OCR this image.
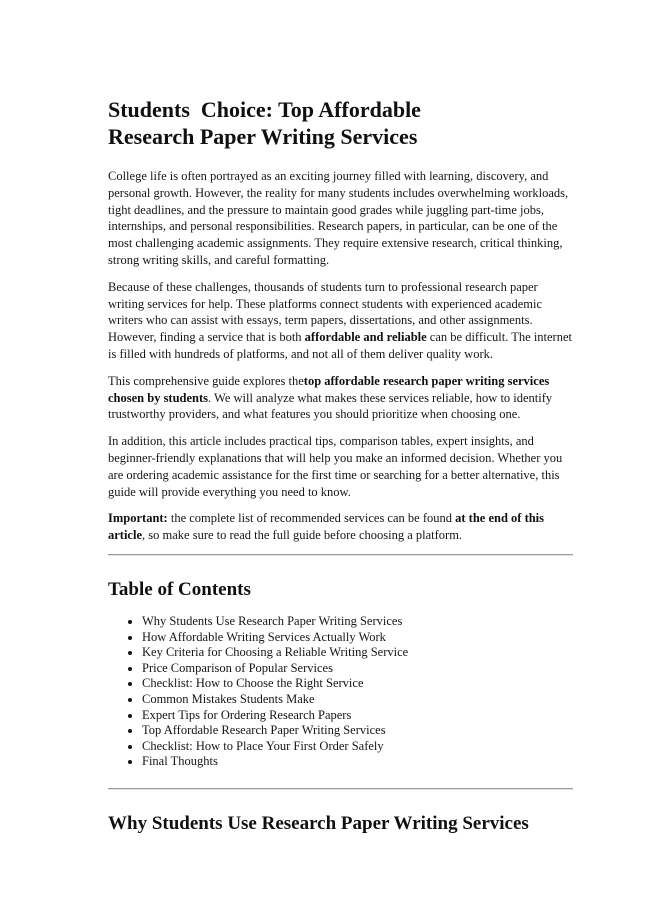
Students  Choice: Top Affordable
Research Paper Writing Services

College life is often portrayed as an exciting journey filled with learning, discovery, and personal growth. However, the reality for many students includes overwhelming workloads, tight deadlines, and the pressure to maintain good grades while juggling part-time jobs, internships, and personal responsibilities. Research papers, in particular, can be one of the most challenging academic assignments. They require extensive research, critical thinking, strong writing skills, and careful formatting.

Because of these challenges, thousands of students turn to professional research paper writing services for help. These platforms connect students with experienced academic writers who can assist with essays, term papers, dissertations, and other assignments. However, finding a service that is both affordable and reliable can be difficult. The internet is filled with hundreds of platforms, and not all of them deliver quality work.

This comprehensive guide explores thetop affordable research paper writing services chosen by students. We will analyze what makes these services reliable, how to identify trustworthy providers, and what features you should prioritize when choosing one.

In addition, this article includes practical tips, comparison tables, expert insights, and beginner-friendly explanations that will help you make an informed decision. Whether you are ordering academic assistance for the first time or searching for a better alternative, this guide will provide everything you need to know.

Important: the complete list of recommended services can be found at the end of this article, so make sure to read the full guide before choosing a platform.

Table of Contents
• Why Students Use Research Paper Writing Services
• How Affordable Writing Services Actually Work
• Key Criteria for Choosing a Reliable Writing Service
• Price Comparison of Popular Services
• Checklist: How to Choose the Right Service
• Common Mistakes Students Make
• Expert Tips for Ordering Research Papers
• Top Affordable Research Paper Writing Services
• Checklist: How to Place Your First Order Safely
• Final Thoughts
Why Students Use Research Paper Writing Services
